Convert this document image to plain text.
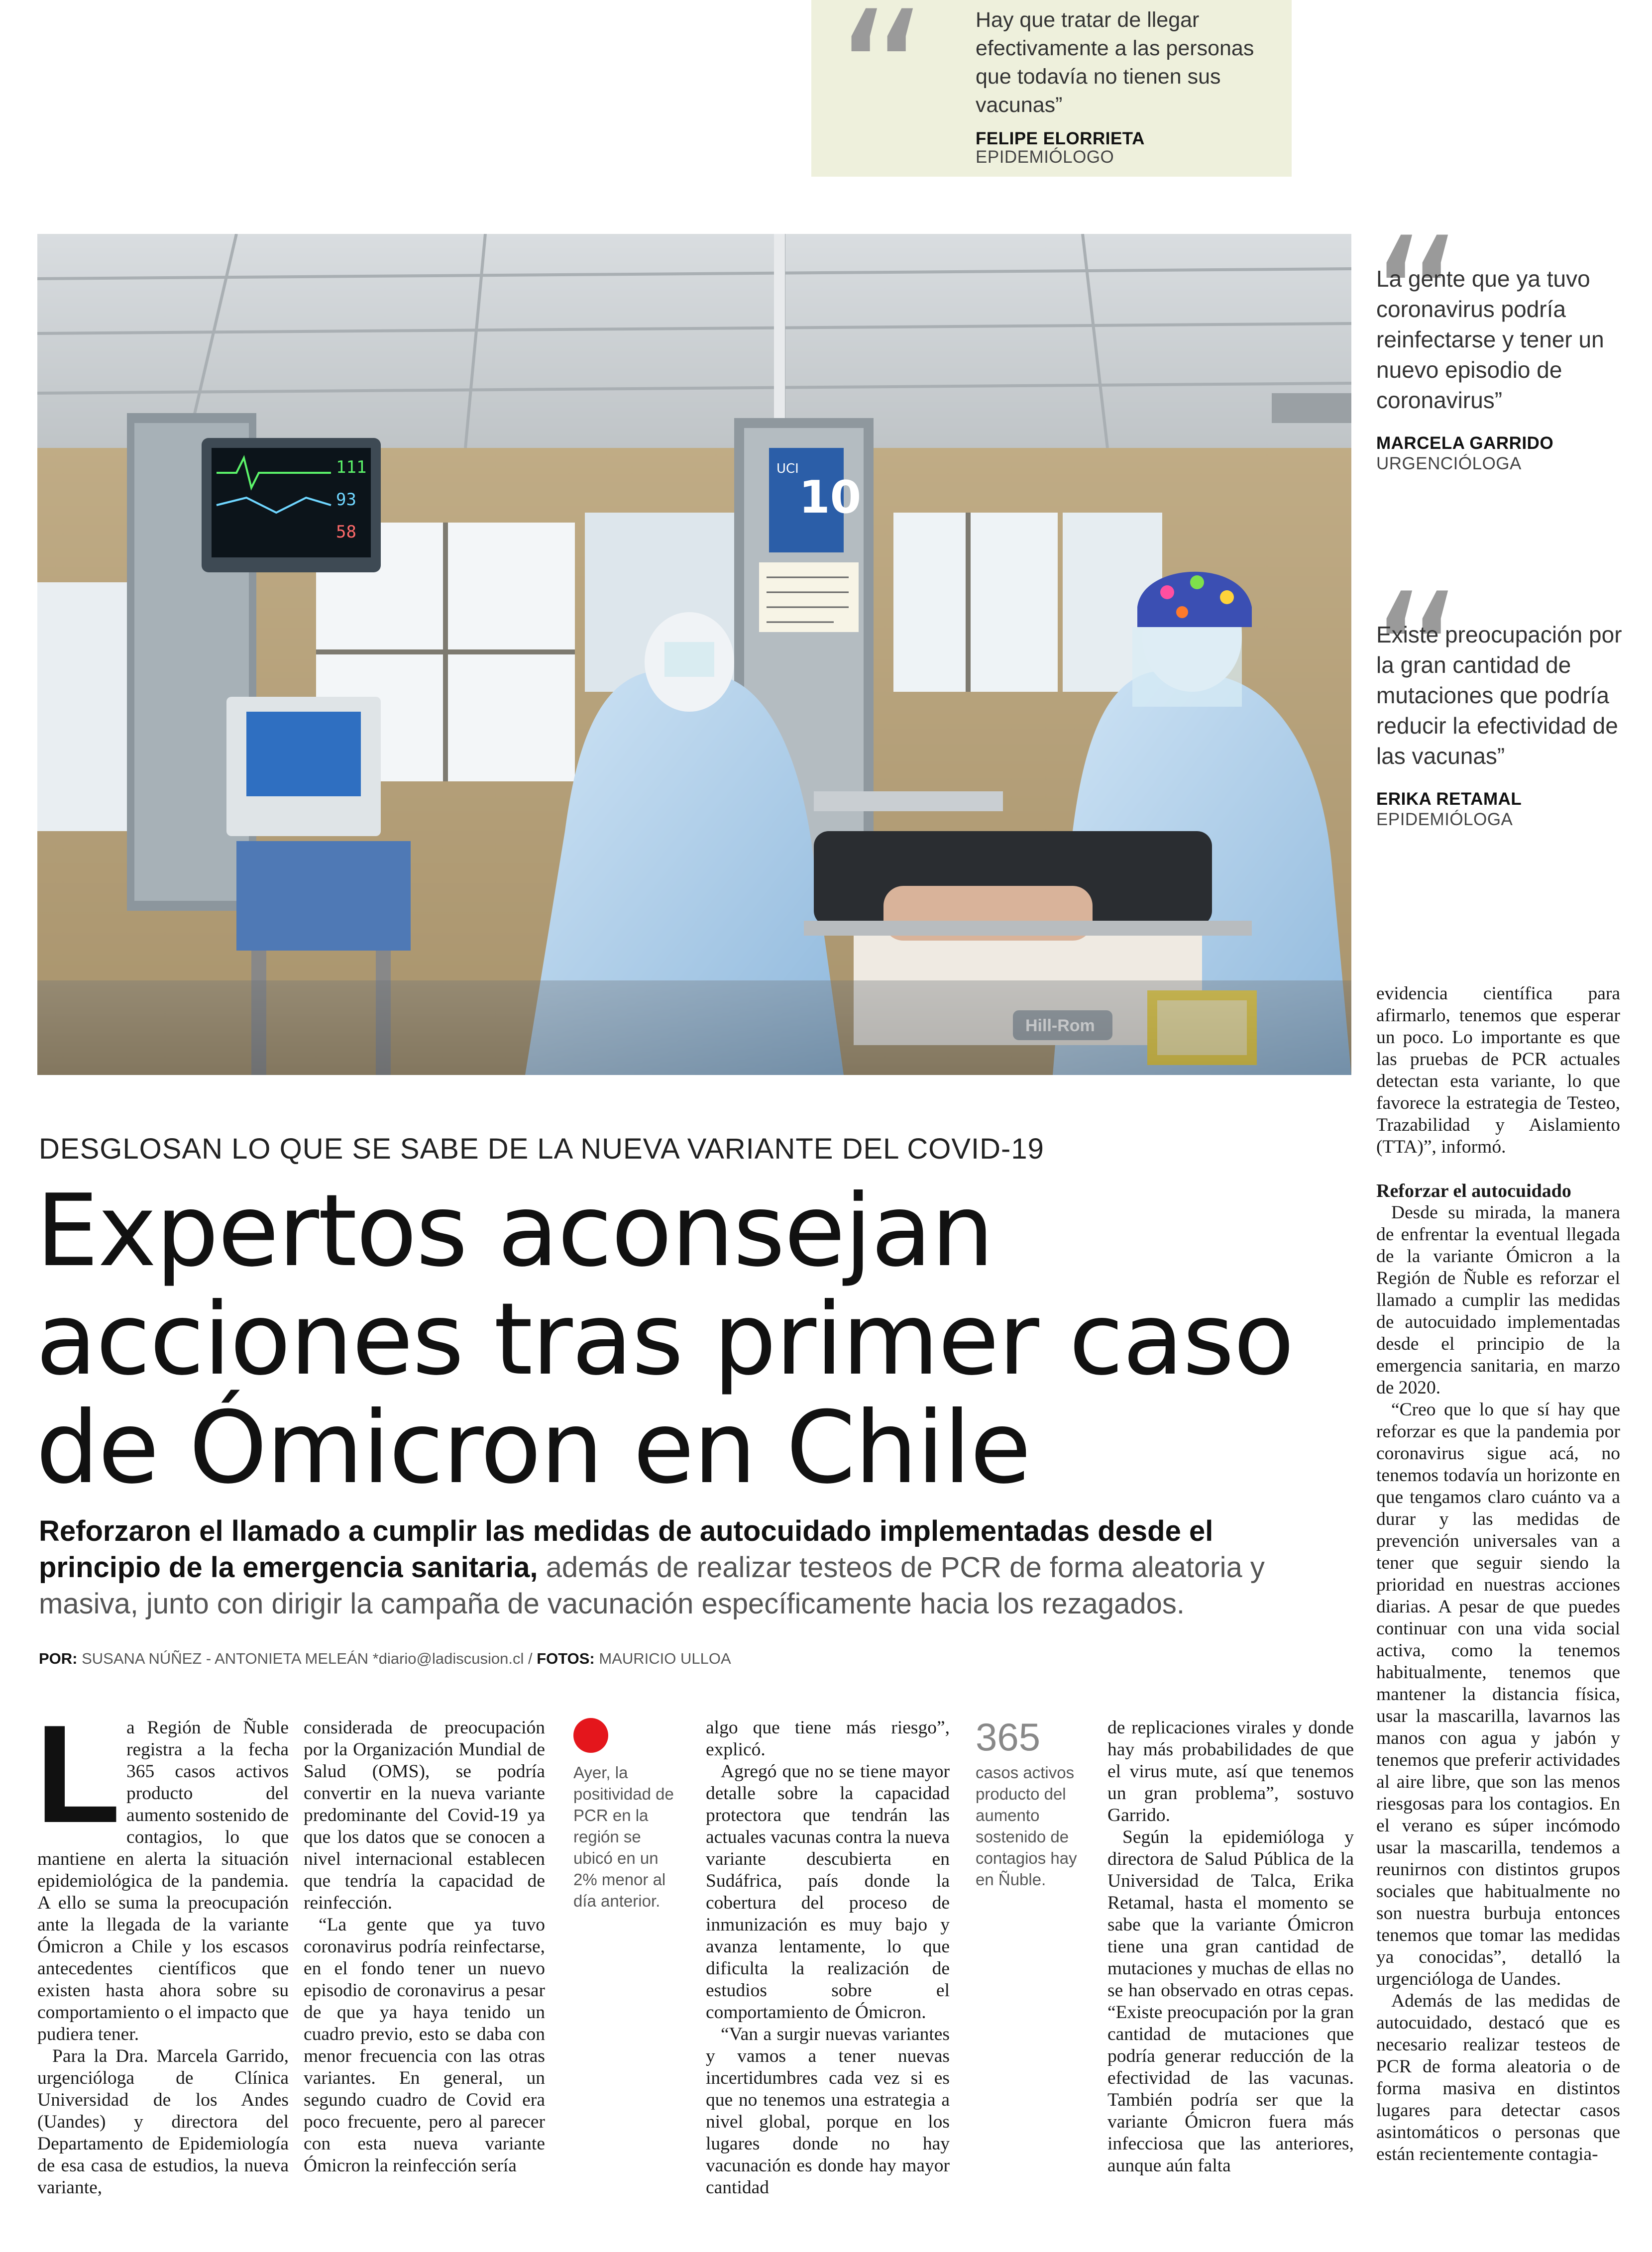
Hay que tratar de llegar efectivamente a las personas que todavía no tienen sus vacunas”
FELIPE ELORRIETA
EPIDEMIÓLOGO
UCI
10
111
93
58
Hill-Rom
La gente que ya tuvo coronavirus podría reinfectarse y tener un nuevo episodio de coronavirus”
MARCELA GARRIDO
URGENCIÓLOGA
Existe preocupación por la gran cantidad de mutaciones que podría reducir la efectividad de las vacunas”
ERIKA RETAMAL
EPIDEMIÓLOGA
DESGLOSAN LO QUE SE SABE DE LA NUEVA VARIANTE DEL COVID-19
Expertos aconsejan
acciones tras primer caso
de Ómicron en Chile
Reforzaron el llamado a cumplir las medidas de autocuidado implementadas desde el principio de la emergencia sanitaria, además de realizar testeos de PCR de forma aleatoria y masiva, junto con dirigir la campaña de vacunación específicamente hacia los rezagados.
POR: SUSANA NÚÑEZ - ANTONIETA MELEÁN *diario@ladiscusion.cl / FOTOS: MAURICIO ULLOA
L a Región de Ñuble registra a la fecha 365 casos activos producto del aumento sostenido de contagios, lo que mantiene en alerta la situación epidemiológica de la pandemia. A ello se suma la preocupación ante la llegada de la variante Ómicron a Chile y los escasos antecedentes científicos que existen hasta ahora sobre su comportamiento o el impacto que pudiera tener.

Para la Dra. Marcela Garrido, urgencióloga de Clínica Universidad de los Andes (Uandes) y directora del Departamento de Epidemiología de esa casa de estudios, la nueva variante,

considerada de preocupación por la Organización Mundial de Salud (OMS), se podría convertir en la nueva variante predominante del Covid-19 ya que los datos que se conocen a nivel internacional establecen que tendría la capacidad de reinfección.

“La gente que ya tuvo coronavirus podría reinfectarse, en el fondo tener un nuevo episodio de coronavirus a pesar de que ya haya tenido un cuadro previo, esto se daba con menor frecuencia con las otras variantes. En general, un segundo cuadro de Covid era poco frecuente, pero al parecer con esta nueva variante Ómicron la reinfección sería

Ayer, la positividad de PCR en la región se ubicó en un 2% menor al día anterior.

algo que tiene más riesgo”, explicó.

Agregó que no se tiene mayor detalle sobre la capacidad protectora que tendrán las actuales vacunas contra la nueva variante descubierta en Sudáfrica, país donde la cobertura del proceso de inmunización es muy bajo y avanza lentamente, lo que dificulta la realización de estudios sobre el comportamiento de Ómicron.

“Van a surgir nuevas variantes y vamos a tener nuevas incertidumbres cada vez si es que no tenemos una estrategia a nivel global, porque en los lugares donde no hay vacunación es donde hay mayor cantidad

365
casos activos producto del aumento sostenido de contagios hay en Ñuble.

de replicaciones virales y donde hay más probabilidades de que el virus mute, así que tenemos un gran problema”, sostuvo Garrido.

Según la epidemióloga y directora de Salud Pública de la Universidad de Talca, Erika Retamal, hasta el momento se sabe que la variante Ómicron tiene una gran cantidad de mutaciones y muchas de ellas no se han observado en otras cepas. “Existe preocupación por la gran cantidad de mutaciones que podría generar reducción de la efectividad de las vacunas. También podría ser que la variante Ómicron fuera más infecciosa que las anteriores, aunque aún falta

evidencia científica para afirmarlo, tenemos que esperar un poco. Lo importante es que las pruebas de PCR actuales detectan esta variante, lo que favorece la estrategia de Testeo, Trazabilidad y Aislamiento (TTA)”, informó.

Reforzar el autocuidado

Desde su mirada, la manera de enfrentar la eventual llegada de la variante Ómicron a la Región de Ñuble es reforzar el llamado a cumplir las medidas de autocuidado implementadas desde el principio de la emergencia sanitaria, en marzo de 2020.

“Creo que lo que sí hay que reforzar es que la pandemia por coronavirus sigue acá, no tenemos todavía un horizonte en que tengamos claro cuánto va a durar y las medidas de prevención universales van a tener que seguir siendo la prioridad en nuestras acciones diarias. A pesar de que puedes continuar con una vida social activa, como la tenemos habitualmente, tenemos que mantener la distancia física, usar la mascarilla, lavarnos las manos con agua y jabón y tenemos que preferir actividades al aire libre, que son las menos riesgosas para los contagios. En el verano es súper incómodo usar la mascarilla, tendemos a reunirnos con distintos grupos sociales que habitualmente no son nuestra burbuja entonces tenemos que tomar las medidas ya conocidas”, detalló la urgencióloga de Uandes.

Además de las medidas de autocuidado, destacó que es necesario realizar testeos de PCR de forma aleatoria o de forma masiva en distintos lugares para detectar casos asintomáticos o personas que están recientemente contagia-
